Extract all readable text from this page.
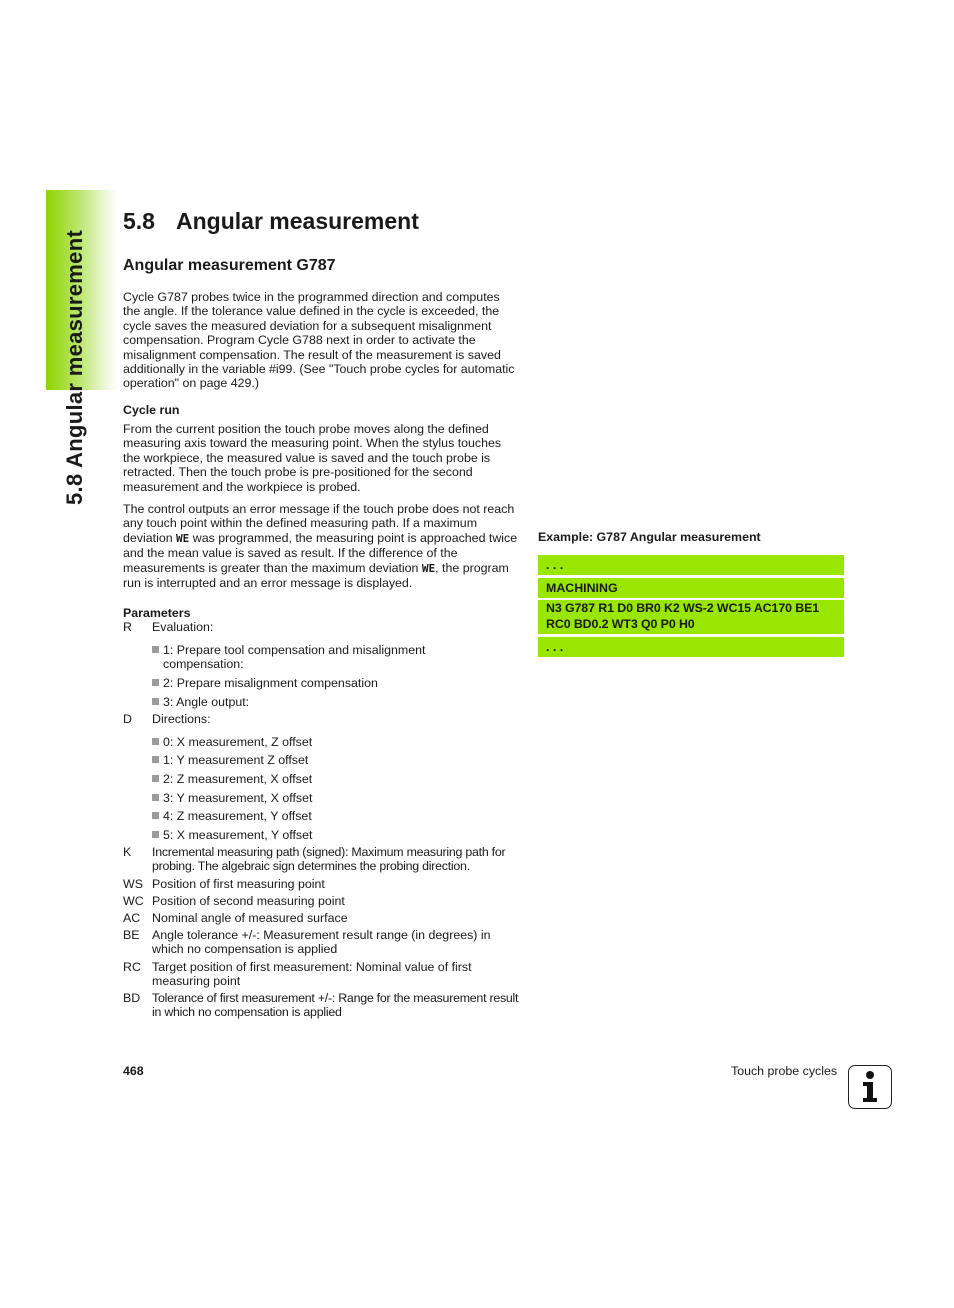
5.8 Angular measurement
5.8 Angular measurement
Angular measurement G787
Cycle G787 probes twice in the programmed direction and computes the angle. If the tolerance value defined in the cycle is exceeded, the cycle saves the measured deviation for a subsequent misalignment compensation. Program Cycle G788 next in order to activate the misalignment compensation. The result of the measurement is saved additionally in the variable #i99. (See "Touch probe cycles for automatic operation" on page 429.)
Cycle run
From the current position the touch probe moves along the defined measuring axis toward the measuring point. When the stylus touches the workpiece, the measured value is saved and the touch probe is retracted. Then the touch probe is pre-positioned for the second measurement and the workpiece is probed.
The control outputs an error message if the touch probe does not reach any touch point within the defined measuring path. If a maximum deviation WE was programmed, the measuring point is approached twice and the mean value is saved as result. If the difference of the measurements is greater than the maximum deviation WE, the program run is interrupted and an error message is displayed.
Parameters
R Evaluation:
1: Prepare tool compensation and misalignment compensation:
2: Prepare misalignment compensation
3: Angle output:
D Directions:
0: X measurement, Z offset
1: Y measurement Z offset
2: Z measurement, X offset
3: Y measurement, X offset
4: Z measurement, Y offset
5: X measurement, Y offset
K Incremental measuring path (signed): Maximum measuring path for probing. The algebraic sign determines the probing direction.
WS Position of first measuring point
WC Position of second measuring point
AC Nominal angle of measured surface
BE Angle tolerance +/-: Measurement result range (in degrees) in which no compensation is applied
RC Target position of first measurement: Nominal value of first measuring point
BD Tolerance of first measurement +/-: Range for the measurement result in which no compensation is applied
Example: G787 Angular measurement
. . .
MACHINING
N3 G787 R1 D0 BR0 K2 WS-2 WC15 AC170 BE1
RC0 BD0.2 WT3 Q0 P0 H0
. . .
468	Touch probe cycles
